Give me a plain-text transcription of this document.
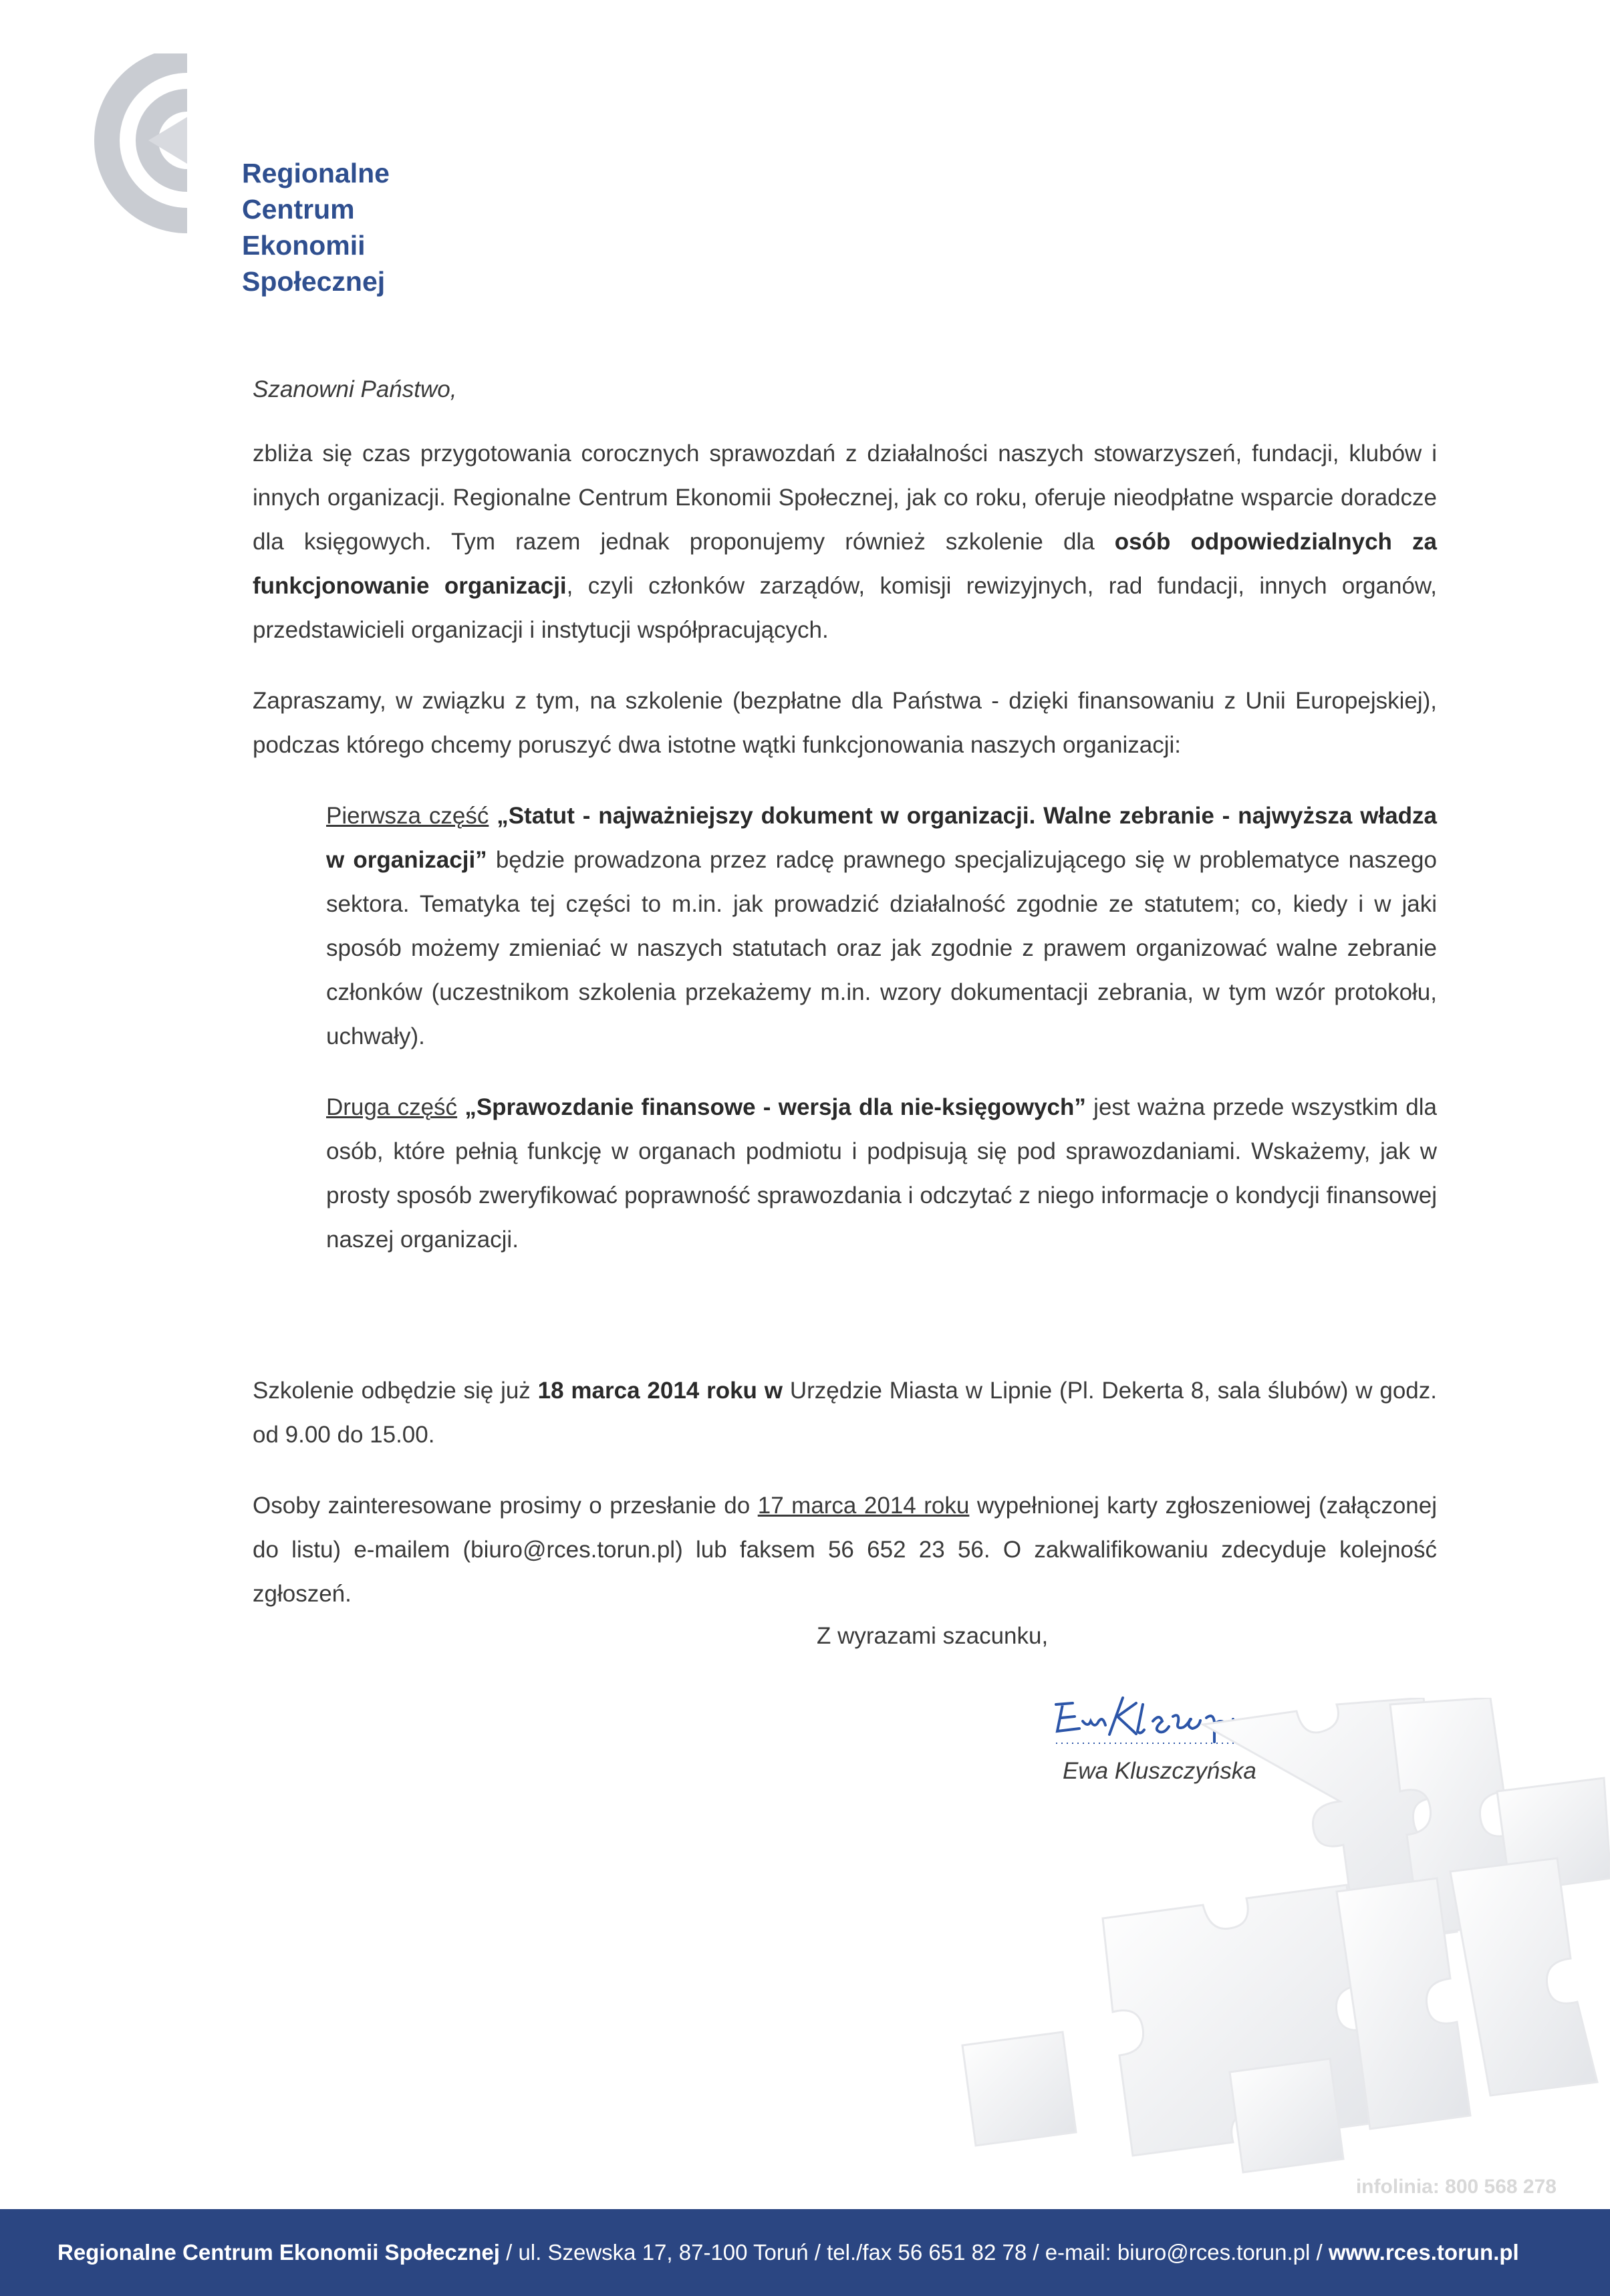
Regionalne Centrum
Ekonomii Społecznej

Szanowni Państwo,

zbliża się czas przygotowania corocznych sprawozdań z działalności naszych stowarzyszeń, fundacji, klubów i innych organizacji. Regionalne Centrum Ekonomii Społecznej, jak co roku, oferuje nieodpłatne wsparcie doradcze dla księgowych. Tym razem jednak proponujemy również szkolenie dla osób odpowiedzialnych za funkcjonowanie organizacji, czyli członków zarządów, komisji rewizyjnych, rad fundacji, innych organów, przedstawicieli organizacji i instytucji współpracujących.

Zapraszamy, w związku z tym, na szkolenie (bezpłatne dla Państwa - dzięki finansowaniu z Unii Europejskiej), podczas którego chcemy poruszyć dwa istotne wątki funkcjonowania naszych organizacji:

Pierwsza część „Statut - najważniejszy dokument w organizacji. Walne zebranie - najwyższa władza w organizacji” będzie prowadzona przez radcę prawnego specjalizującego się w problematyce naszego sektora. Tematyka tej części to m.in. jak prowadzić działalność zgodnie ze statutem; co, kiedy i w jaki sposób możemy zmieniać w naszych statutach oraz jak zgodnie z prawem organizować walne zebranie członków (uczestnikom szkolenia przekażemy m.in. wzory dokumentacji zebrania, w tym wzór protokołu, uchwały).

Druga część „Sprawozdanie finansowe - wersja dla nie-księgowych” jest ważna przede wszystkim dla osób, które pełnią funkcję w organach podmiotu i podpisują się pod sprawozdaniami. Wskażemy, jak w prosty sposób zweryfikować poprawność sprawozdania i odczytać z niego informacje o kondycji finansowej naszej organizacji.

Szkolenie odbędzie się już 18 marca 2014 roku w Urzędzie Miasta w Lipnie (Pl. Dekerta 8, sala ślubów) w godz. od 9.00 do 15.00.

Osoby zainteresowane prosimy o przesłanie do 17 marca 2014 roku wypełnionej karty zgłoszeniowej (załączonej do listu) e-mailem (biuro@rces.torun.pl) lub faksem 56 652 23 56. O zakwalifikowaniu zdecyduje kolejność zgłoszeń.

Z wyrazami szacunku,
Ewa Kluszczyńska
infolinia: 800 568 278
Regionalne Centrum Ekonomii Społecznej / ul. Szewska 17, 87-100 Toruń / tel./fax 56 651 82 78 / e-mail: biuro@rces.torun.pl / www.rces.torun.pl
